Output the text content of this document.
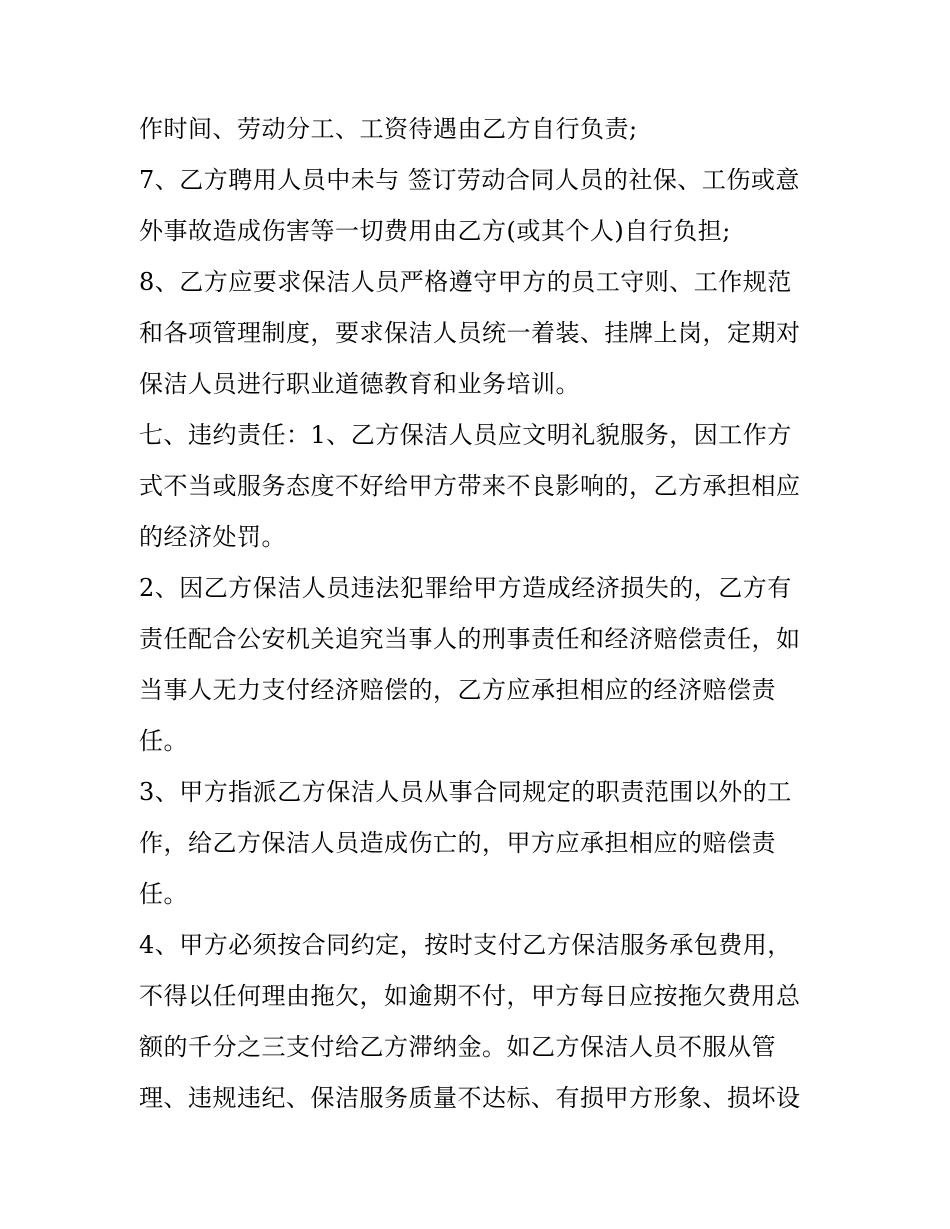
作时间、劳动分工、工资待遇由乙方自行负责;
7、乙方聘用人员中未与 签订劳动合同人员的社保、工伤或意
外事故造成伤害等一切费用由乙方(或其个人)自行负担;
8、乙方应要求保洁人员严格遵守甲方的员工守则、工作规范
和各项管理制度，要求保洁人员统一着装、挂牌上岗，定期对
保洁人员进行职业道德教育和业务培训。
七、违约责任：1、乙方保洁人员应文明礼貌服务，因工作方
式不当或服务态度不好给甲方带来不良影响的，乙方承担相应
的经济处罚。
2、因乙方保洁人员违法犯罪给甲方造成经济损失的，乙方有
责任配合公安机关追究当事人的刑事责任和经济赔偿责任，如
当事人无力支付经济赔偿的，乙方应承担相应的经济赔偿责
任。
3、甲方指派乙方保洁人员从事合同规定的职责范围以外的工
作，给乙方保洁人员造成伤亡的，甲方应承担相应的赔偿责
任。
4、甲方必须按合同约定，按时支付乙方保洁服务承包费用，
不得以任何理由拖欠，如逾期不付，甲方每日应按拖欠费用总
额的千分之三支付给乙方滞纳金。如乙方保洁人员不服从管
理、违规违纪、保洁服务质量不达标、有损甲方形象、损坏设
